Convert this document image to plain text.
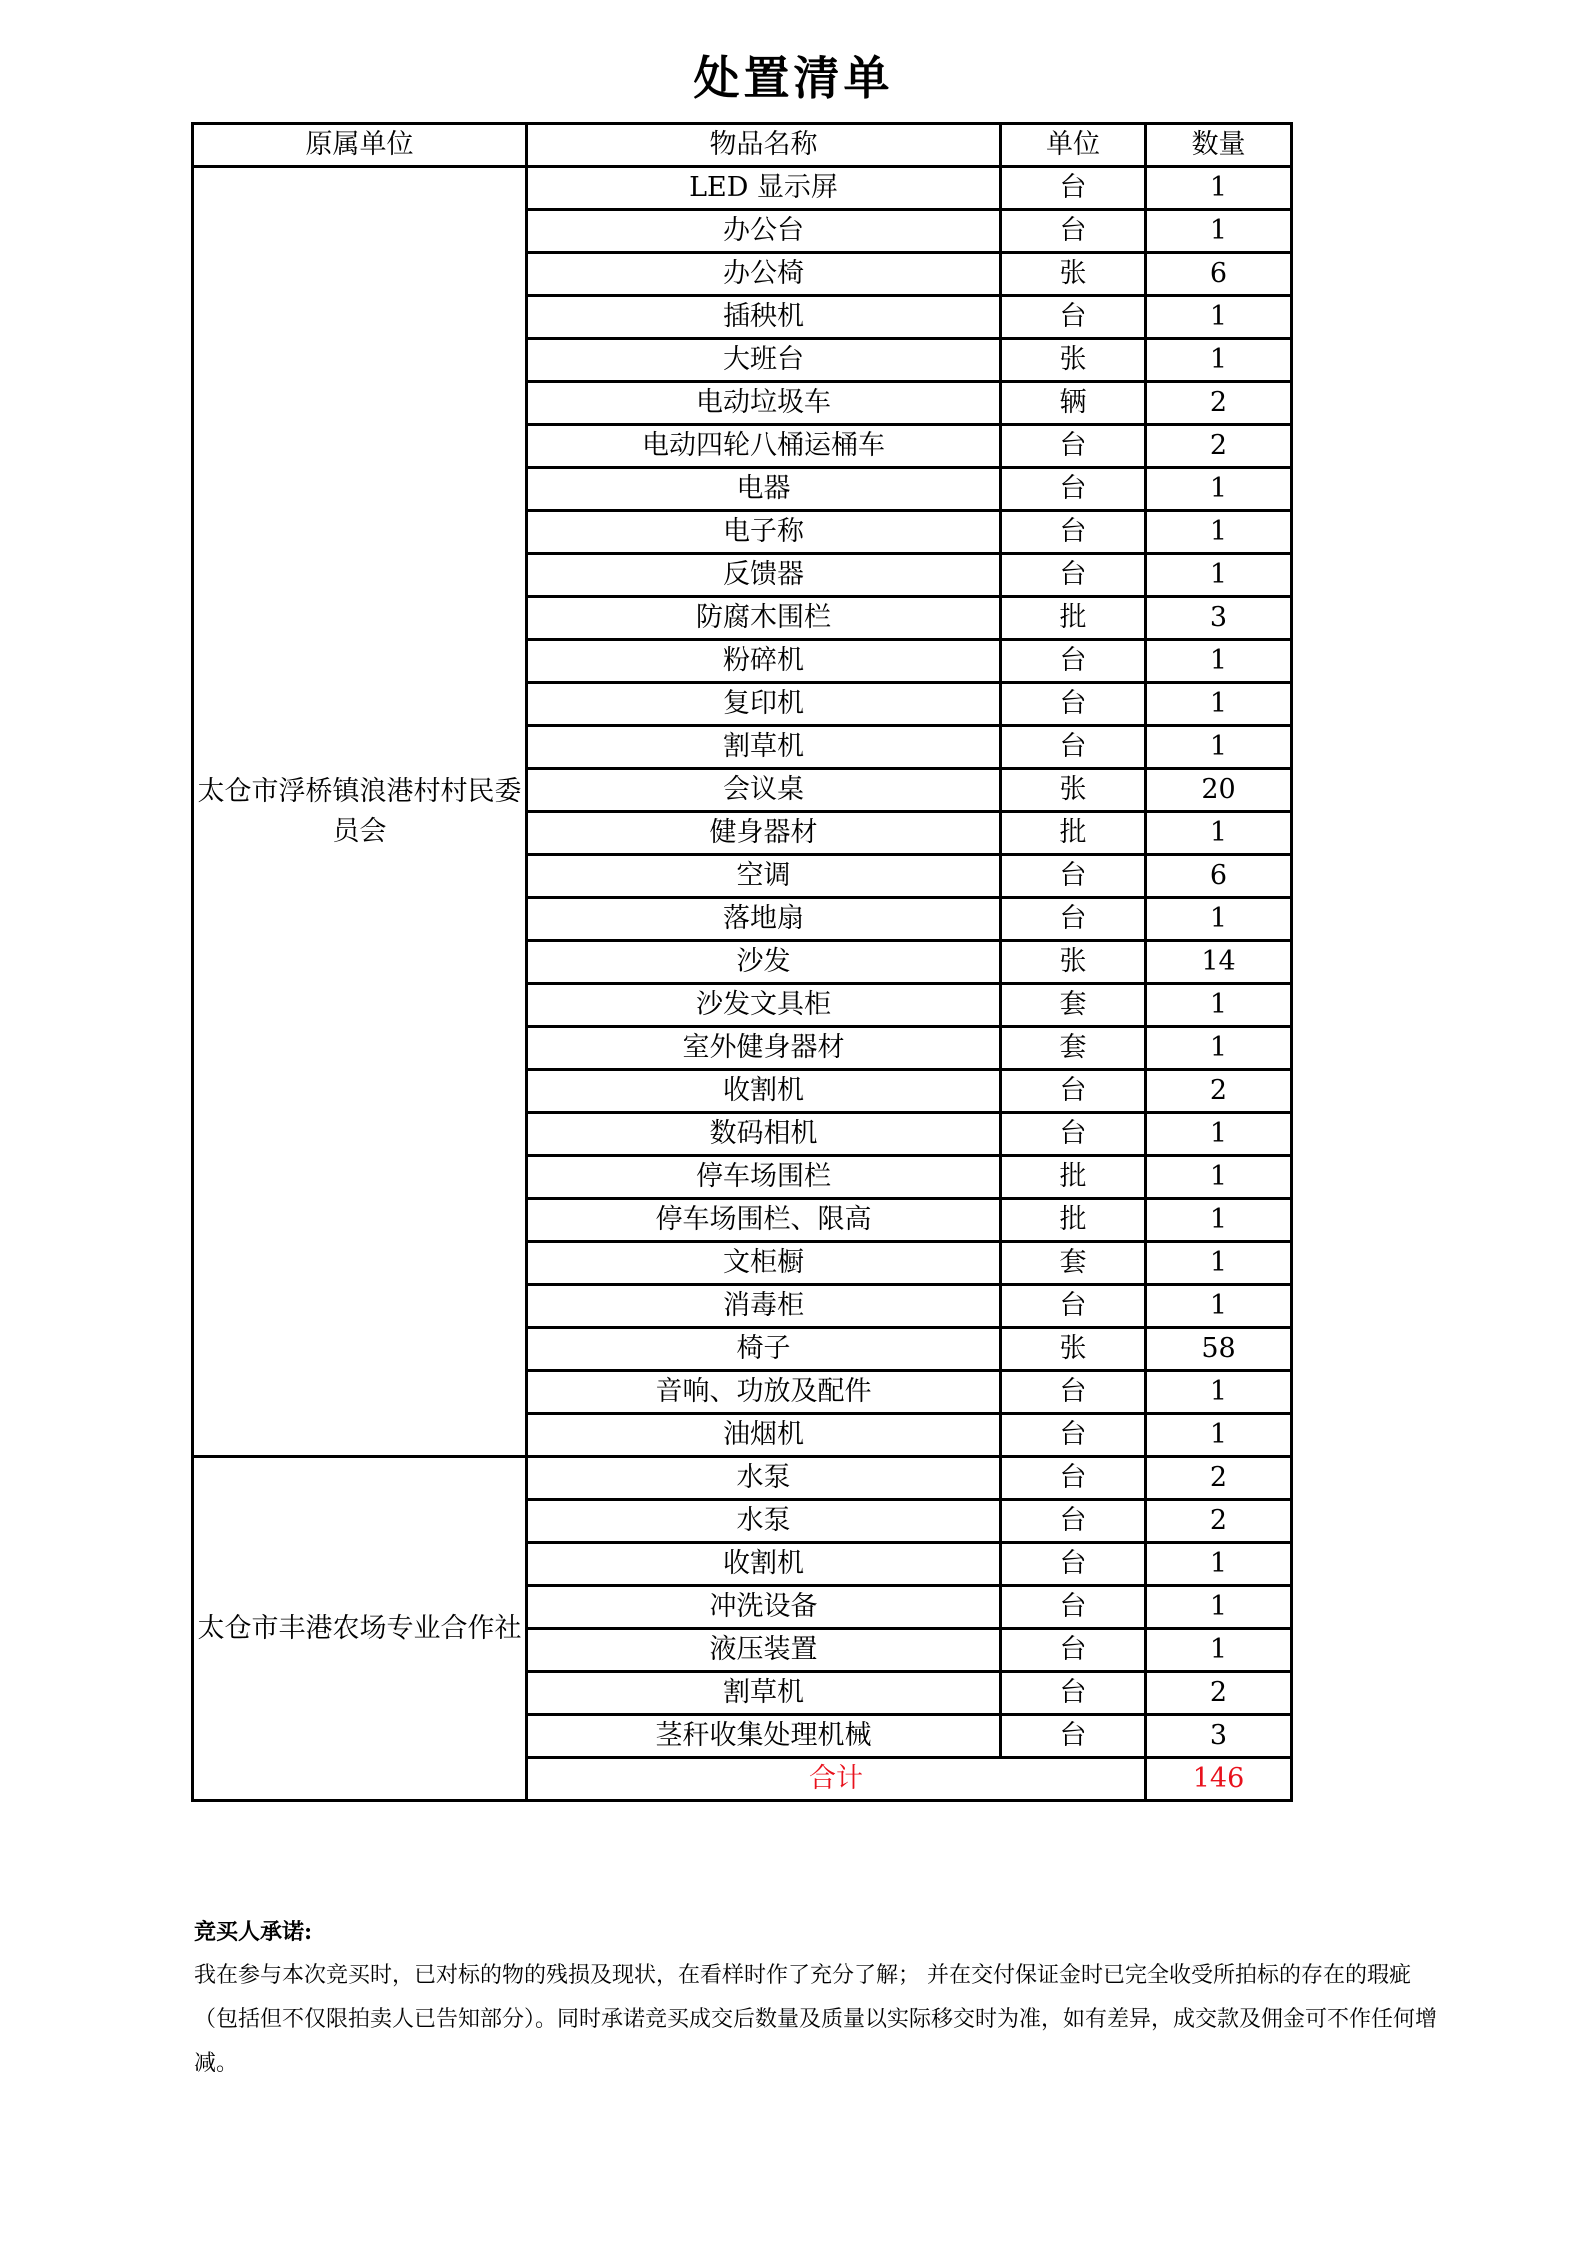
处置清单
原属单位	物品名称	单位	数量
太仓市浮桥镇浪港村村民委员会	LED 显示屏	台	1
	办公台	台	1
	办公椅	张	6
	插秧机	台	1
	大班台	张	1
	电动垃圾车	辆	2
	电动四轮八桶运桶车	台	2
	电器	台	1
	电子称	台	1
	反馈器	台	1
	防腐木围栏	批	3
	粉碎机	台	1
	复印机	台	1
	割草机	台	1
	会议桌	张	20
	健身器材	批	1
	空调	台	6
	落地扇	台	1
	沙发	张	14
	沙发文具柜	套	1
	室外健身器材	套	1
	收割机	台	2
	数码相机	台	1
	停车场围栏	批	1
	停车场围栏、限高	批	1
	文柜橱	套	1
	消毒柜	台	1
	椅子	张	58
	音响、功放及配件	台	1
	油烟机	台	1
太仓市丰港农场专业合作社	水泵	台	2
	水泵	台	2
	收割机	台	1
	冲洗设备	台	1
	液压装置	台	1
	割草机	台	2
	茎秆收集处理机械	台	3
	合计		146
竞买人承诺:
我在参与本次竞买时，已对标的物的残损及现状，在看样时作了充分了解； 并在交付保证金时已完全收受所拍标的存在的瑕疵（包括但不仅限拍卖人已告知部分）。同时承诺竞买成交后数量及质量以实际移交时为准，如有差异，成交款及佣金可不作任何增减。
